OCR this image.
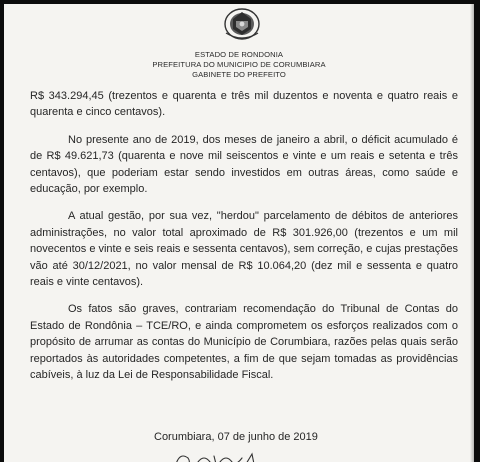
ESTADO DE RONDONIA
PREFEITURA DO MUNICIPIO DE CORUMBIARA
GABINETE DO PREFEITO

R$ 343.294,45 (trezentos e quarenta e três mil duzentos e noventa e quatro reais e quarenta e cinco centavos).

No presente ano de 2019, dos meses de janeiro a abril, o déficit acumulado é de R$ 49.621,73 (quarenta e nove mil seiscentos e vinte e um reais e setenta e três centavos), que poderiam estar sendo investidos em outras áreas, como saúde e educação, por exemplo.

A atual gestão, por sua vez, "herdou" parcelamento de débitos de anteriores administrações, no valor total aproximado de R$ 301.926,00 (trezentos e um mil novecentos e vinte e seis reais e sessenta centavos), sem correção, e cujas prestações vão até 30/12/2021, no valor mensal de R$ 10.064,20 (dez mil e sessenta e quatro reais e vinte centavos).

Os fatos são graves, contrariam recomendação do Tribunal de Contas do Estado de Rondônia – TCE/RO, e ainda comprometem os esforços realizados com o propósito de arrumar as contas do Município de Corumbiara, razões pelas quais serão reportados às autoridades competentes, a fim de que sejam tomadas as providências cabíveis, à luz da Lei de Responsabilidade Fiscal.

Corumbiara, 07 de junho de 2019
